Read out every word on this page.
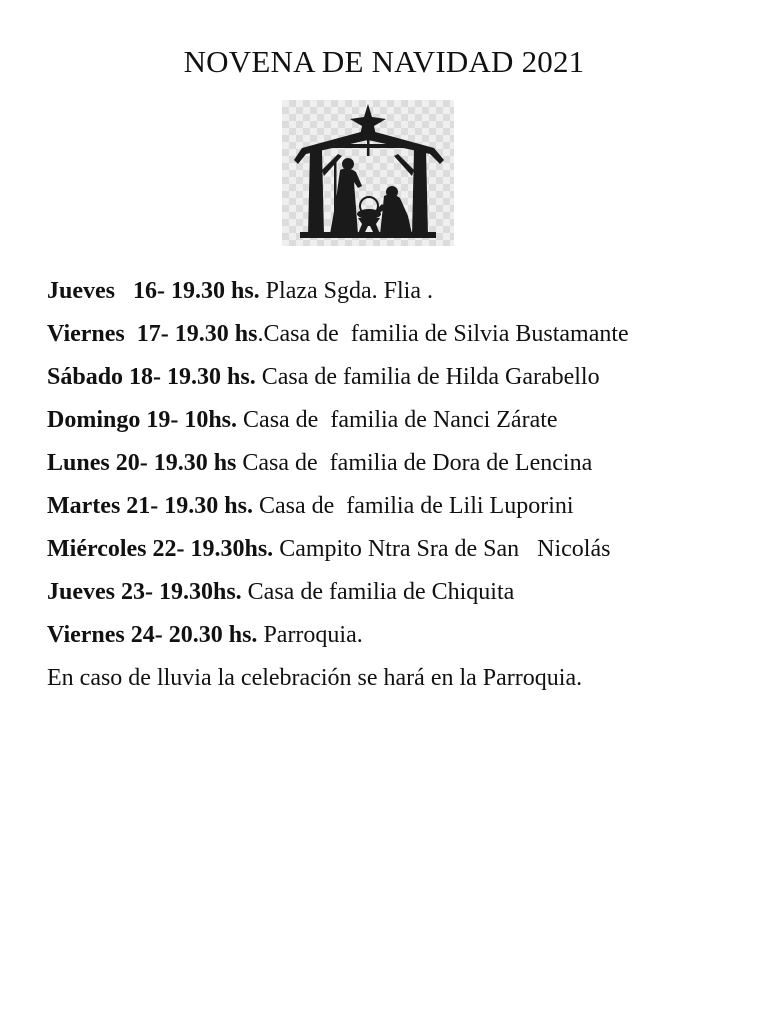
NOVENA DE NAVIDAD 2021
Jueves   16- 19.30 hs. Plaza Sgda. Flia .
Viernes  17- 19.30 hs.Casa de  familia de Silvia Bustamante
Sábado 18- 19.30 hs. Casa de familia de Hilda Garabello
Domingo 19- 10hs. Casa de  familia de Nanci Zárate
Lunes 20- 19.30 hs Casa de  familia de Dora de Lencina
Martes 21- 19.30 hs. Casa de  familia de Lili Luporini
Miércoles 22- 19.30hs. Campito Ntra Sra de San   Nicolás
Jueves 23- 19.30hs. Casa de familia de Chiquita
Viernes 24- 20.30 hs. Parroquia.
En caso de lluvia la celebración se hará en la Parroquia.
